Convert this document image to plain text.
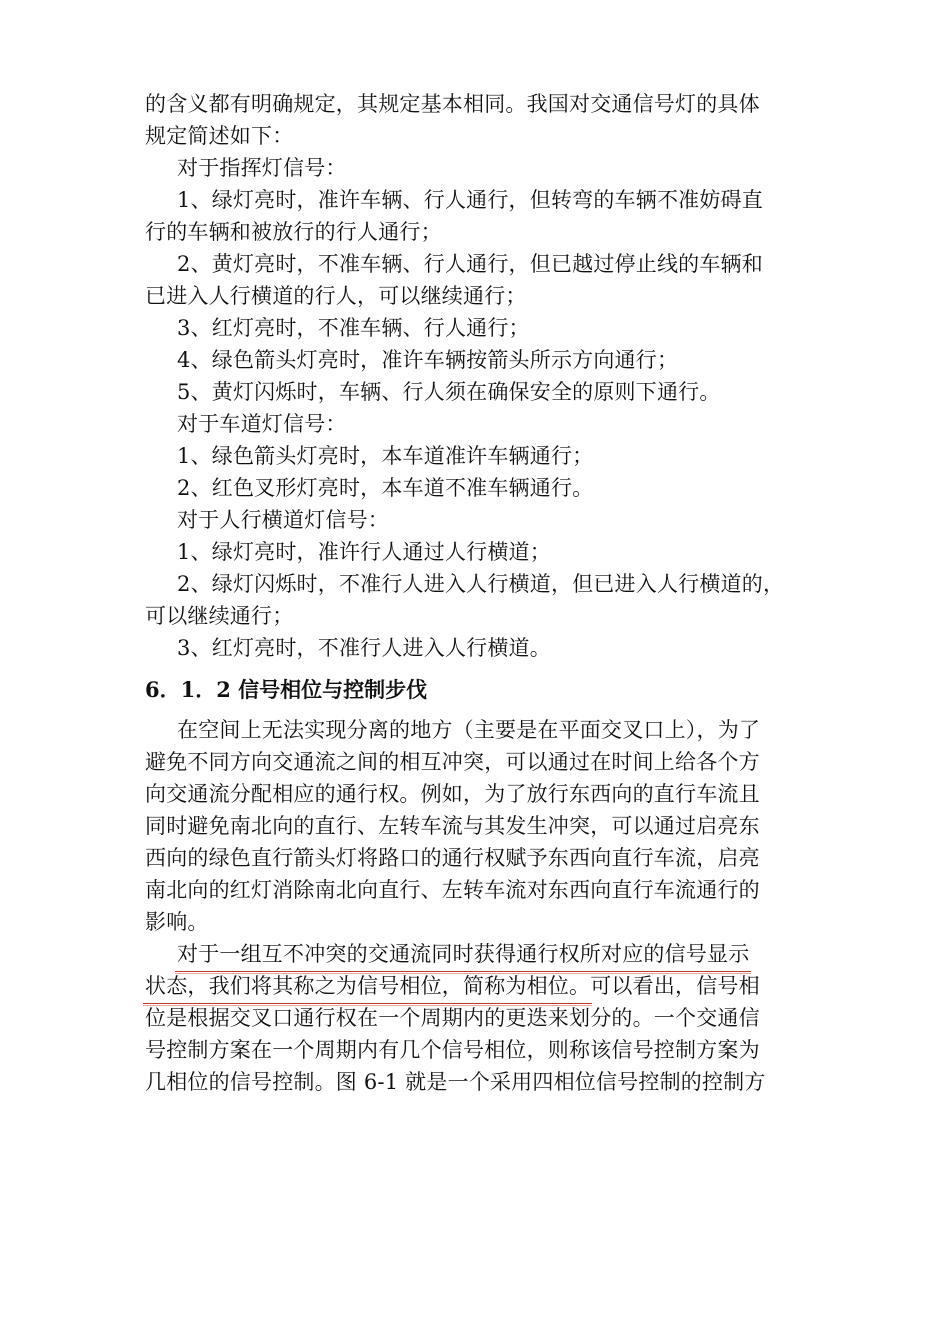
的含义都有明确规定，其规定基本相同。我国对交通信号灯的具体
规定简述如下：
对于指挥灯信号：
1、绿灯亮时，准许车辆、行人通行，但转弯的车辆不准妨碍直
行的车辆和被放行的行人通行；
2、黄灯亮时，不准车辆、行人通行，但已越过停止线的车辆和
已进入人行横道的行人，可以继续通行；
3、红灯亮时，不准车辆、行人通行；
4、绿色箭头灯亮时，准许车辆按箭头所示方向通行；
5、黄灯闪烁时，车辆、行人须在确保安全的原则下通行。
对于车道灯信号：
1、绿色箭头灯亮时，本车道准许车辆通行；
2、红色叉形灯亮时，本车道不准车辆通行。
对于人行横道灯信号：
1、绿灯亮时，准许行人通过人行横道；
2、绿灯闪烁时，不准行人进入人行横道，但已进入人行横道的，
可以继续通行；
3、红灯亮时，不准行人进入人行横道。
6．1．2 信号相位与控制步伐
在空间上无法实现分离的地方（主要是在平面交叉口上），为了
避免不同方向交通流之间的相互冲突，可以通过在时间上给各个方
向交通流分配相应的通行权。例如，为了放行东西向的直行车流且
同时避免南北向的直行、左转车流与其发生冲突，可以通过启亮东
西向的绿色直行箭头灯将路口的通行权赋予东西向直行车流，启亮
南北向的红灯消除南北向直行、左转车流对东西向直行车流通行的
影响。
对于一组互不冲突的交通流同时获得通行权所对应的信号显示
状态，我们将其称之为信号相位，简称为相位。可以看出，信号相
位是根据交叉口通行权在一个周期内的更迭来划分的。一个交通信
号控制方案在一个周期内有几个信号相位，则称该信号控制方案为
几相位的信号控制。图 6-1 就是一个采用四相位信号控制的控制方
